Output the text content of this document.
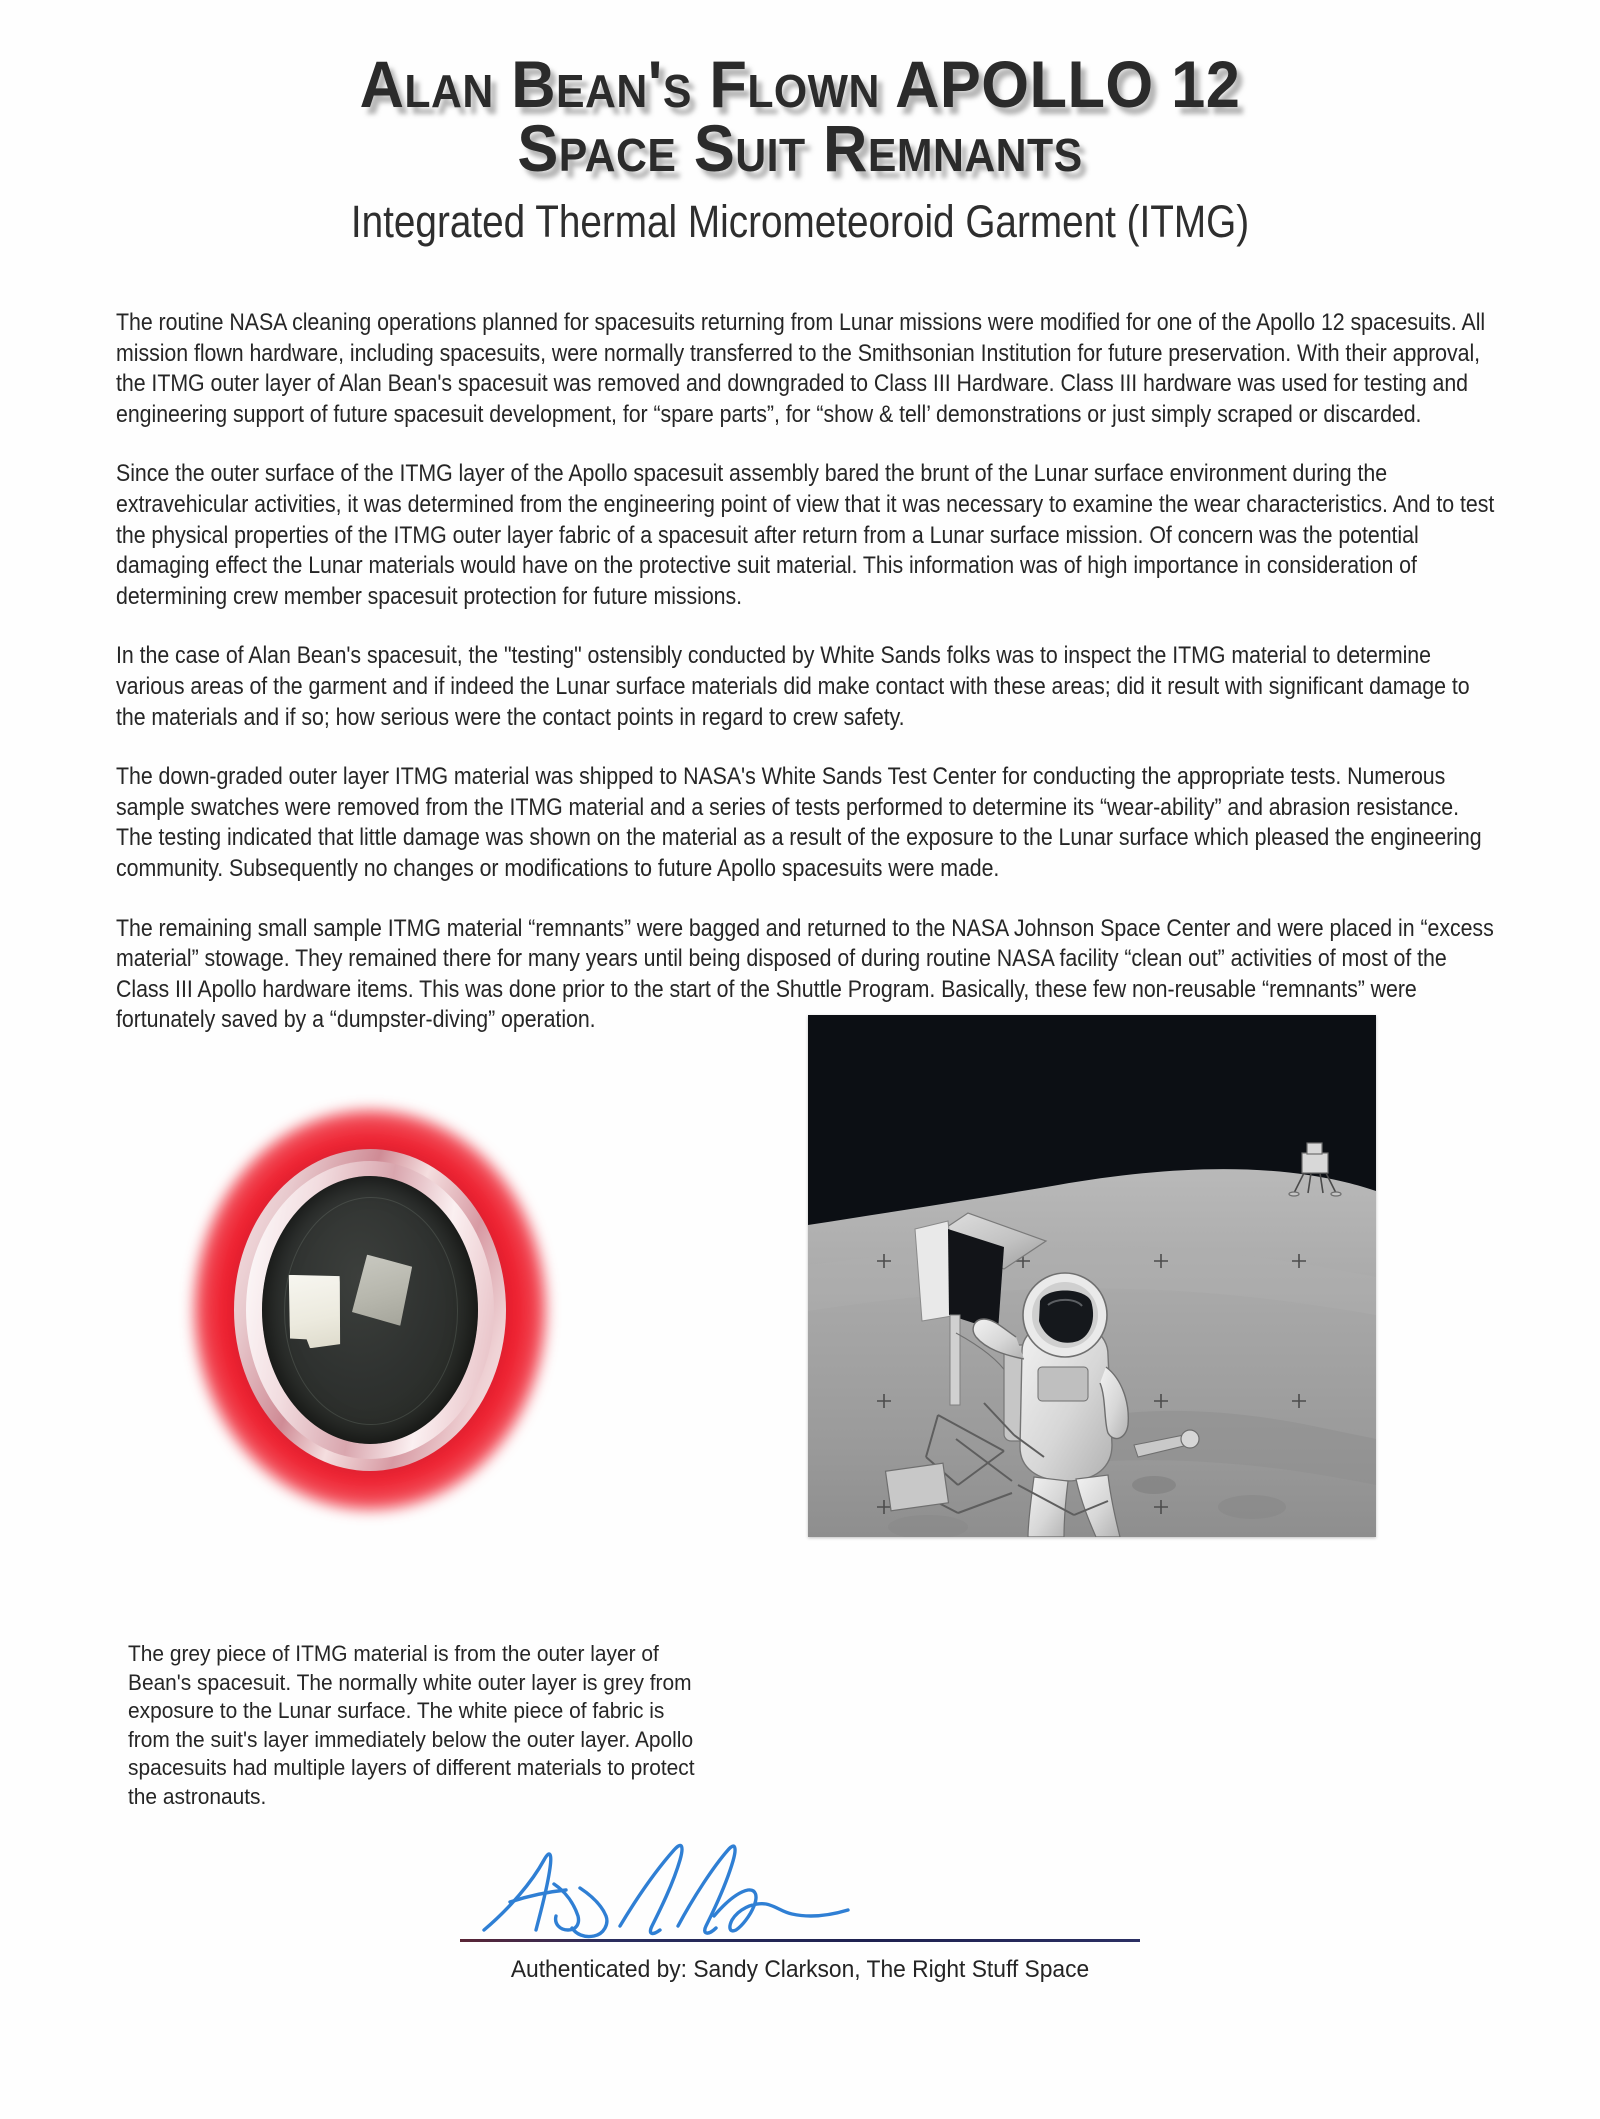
Alan Bean's Flown APOLLO 12
Space Suit Remnants
Integrated Thermal Micrometeoroid Garment (ITMG)

The routine NASA cleaning operations planned for spacesuits returning from Lunar missions were modified for one of the Apollo 12 spacesuits. All mission flown hardware, including spacesuits, were normally transferred to the Smithsonian Institution for future preservation. With their approval, the ITMG outer layer of Alan Bean's spacesuit was removed and downgraded to Class III Hardware. Class III hardware was used for testing and engineering support of future spacesuit development, for “spare parts”, for “show & tell’ demonstrations or just simply scraped or discarded.

Since the outer surface of the ITMG layer of the Apollo spacesuit assembly bared the brunt of the Lunar surface environment during the extravehicular activities, it was determined from the engineering point of view that it was necessary to examine the wear characteristics. And to test the physical properties of the ITMG outer layer fabric of a spacesuit after return from a Lunar surface mission. Of concern was the potential damaging effect the Lunar materials would have on the protective suit material. This information was of high importance in consideration of determining crew member spacesuit protection for future missions.

In the case of Alan Bean's spacesuit, the "testing" ostensibly conducted by White Sands folks was to inspect the ITMG material to determine various areas of the garment and if indeed the Lunar surface materials did make contact with these areas; did it result with significant damage to the materials and if so; how serious were the contact points in regard to crew safety.

The down-graded outer layer ITMG material was shipped to NASA's White Sands Test Center for conducting the appropriate tests. Numerous sample swatches were removed from the ITMG material and a series of tests performed to determine its “wear-ability” and abrasion resistance. The testing indicated that little damage was shown on the material as a result of the exposure to the Lunar surface which pleased the engineering community. Subsequently no changes or modifications to future Apollo spacesuits were made.

The remaining small sample ITMG material “remnants” were bagged and returned to the NASA Johnson Space Center and were placed in “excess material” stowage. They remained there for many years until being disposed of during routine NASA facility “clean out” activities of most of the Class III Apollo hardware items. This was done prior to the start of the Shuttle Program. Basically, these few non-reusable “remnants” were fortunately saved by a “dumpster-diving” operation.

The grey piece of ITMG material is from the outer layer of Bean's spacesuit. The normally white outer layer is grey from exposure to the Lunar surface. The white piece of fabric is from the suit's layer immediately below the outer layer. Apollo spacesuits had multiple layers of different materials to protect the astronauts.
Authenticated by: Sandy Clarkson, The Right Stuff Space
